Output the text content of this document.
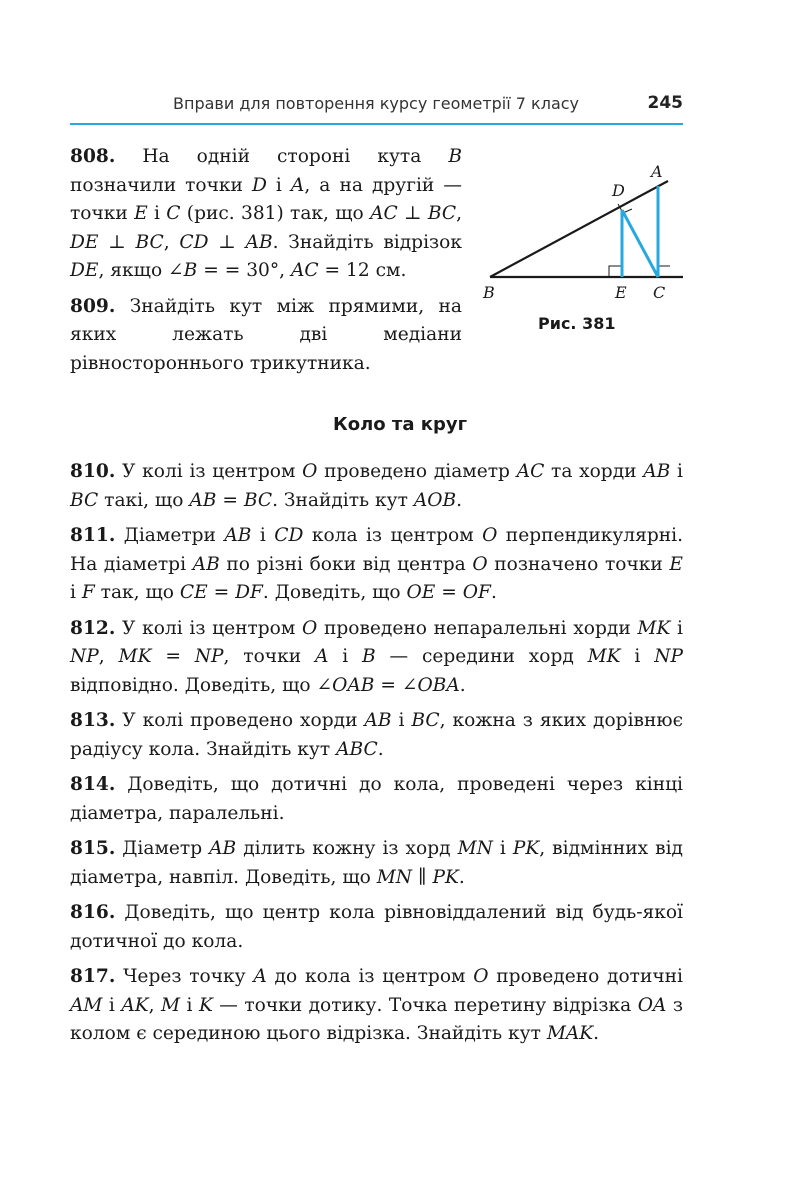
Вправи для повторення курсу геометрії 7 класу	245

808. На одній стороні кута B позначили точки D і A, а на другій — точки E і C (рис. 381) так, що AC ⊥ BC, DE ⊥ BC, CD ⊥ AB. Знайдіть відрізок DE, якщо ∠B = = 30°, AC = 12 см.

809. Знайдіть кут між прямими, на яких лежать дві медіани рівностороннього трикутника.

A
D
B	E C
Рис. 381
Коло та круг

810. У колі із центром O проведено діаметр AC та хорди AB і BC такі, що AB = BC. Знайдіть кут AOB.

811. Діаметри AB і CD кола із центром O перпендикулярні. На діаметрі AB по різні боки від центра O позначено точки E і F так, що CE = DF. Доведіть, що OE = OF.

812. У колі із центром O проведено непаралельні хорди MK і NP, MK = NP, точки A і B — середини хорд MK і NP відповідно. Доведіть, що ∠OAB = ∠OBA.

813. У колі проведено хорди AB і BC, кожна з яких дорівнює радіусу кола. Знайдіть кут ABC.

814. Доведіть, що дотичні до кола, проведені через кінці діаметра, паралельні.

815. Діаметр AB ділить кожну із хорд MN і PK, відмінних від діаметра, навпіл. Доведіть, що MN ∥ PK.

816. Доведіть, що центр кола рівновіддалений від будь-якої дотичної до кола.

817. Через точку A до кола із центром O проведено дотичні AM і AK, M і K — точки дотику. Точка перетину відрізка OA з колом є серединою цього відрізка. Знайдіть кут MAK.
